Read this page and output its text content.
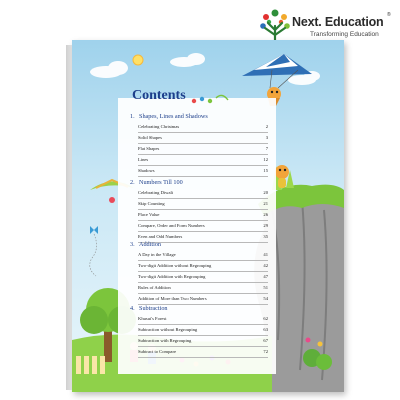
Next. Education ®
Transforming Education
Contents
1. Shapes, Lines and Shadows
Celebrating Christmas	2
Solid Shapes	3
Flat Shapes	7
Lines	12
Shadows	15
2. Numbers Till 100
Celebrating Diwali	20
Skip Counting	21
Place Value	26
Compare, Order and Form Numbers	29
Even and Odd Numbers	35
3. Addition
A Day in the Village	41
Two-digit Addition without Regrouping	42
Two-digit Addition with Regrouping	47
Rules of Addition	51
Addition of More than Two Numbers	54
4. Subtraction
Khusui's Forest	62
Subtraction without Regrouping	63
Subtraction with Regrouping	67
Subtract to Compare	72
